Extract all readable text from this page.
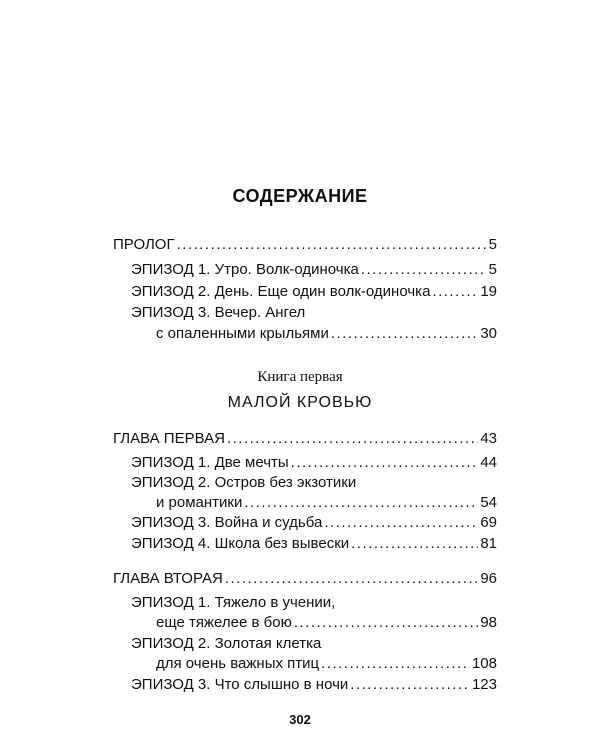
СОДЕРЖАНИЕ
ПРОЛОГ .....	5
ЭПИЗОД 1. Утро. Волк-одиночка .....	5
ЭПИЗОД 2. День. Еще один волк-одиночка .....	19
ЭПИЗОД 3. Вечер. Ангел
с опаленными крыльями .....	30
Книга первая
МАЛОЙ КРОВЬЮ
ГЛАВА ПЕРВАЯ .....	43
ЭПИЗОД 1. Две мечты .....	44
ЭПИЗОД 2. Остров без экзотики
и романтики .....	54
ЭПИЗОД 3. Война и судьба .....	69
ЭПИЗОД 4. Школа без вывески .....	81
ГЛАВА ВТОРАЯ .....	96
ЭПИЗОД 1. Тяжело в учении,
еще тяжелее в бою .....	98
ЭПИЗОД 2. Золотая клетка
для очень важных птиц .....	108
ЭПИЗОД 3. Что слышно в ночи .....	123
302
